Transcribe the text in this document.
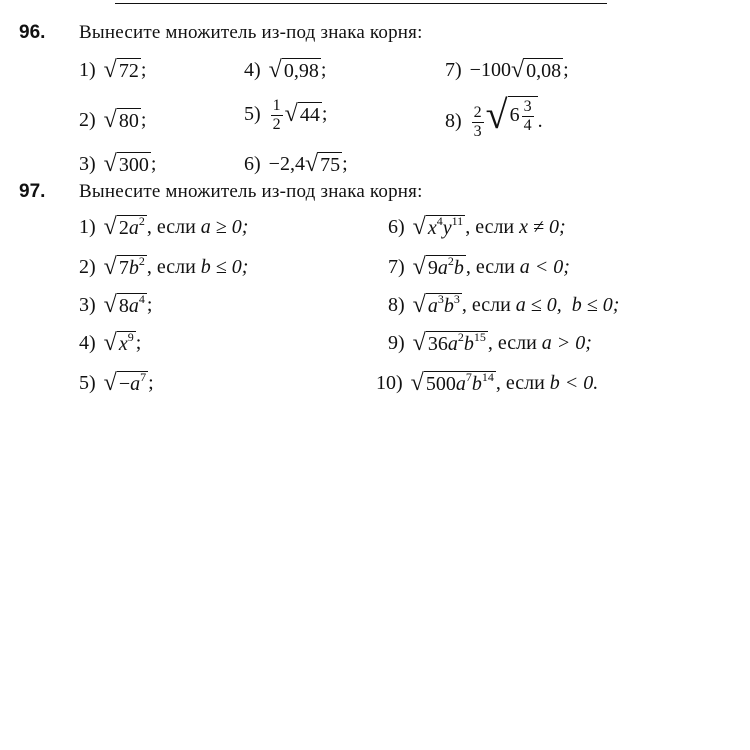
96. Вынесите множитель из-под знака корня:
1) √ 72 ;
2) √ 80 ;
3) √ 300 ;
4) √ 0,98 ;
$5) \frac{1}{2}$ √ 44 ;
6) −2,4 √ 75 ;
7) −100 √ 0,08 ;
$8) \frac{2}{3}$ √ $6 \frac{3}{4}$ .
97. Вынесите множитель из-под знака корня:
1) √ $2a^2$ , если a ≥ 0;
2) √ $7b^2$ , если b ≤ 0;
3) √ $8a^4$ ;
4) √ $x^9$ ;
5) √ $-a^7$ ;
6) √ $x^4y^{11}$ , если x ≠ 0;
7) √ $9a^2b$ , если a < 0;
8) √ $a^3b^3$ , если a ≤ 0,  b ≤ 0;
9) √ $36a^2b^{15}$ , если a > 0;
10) √ $500a^7b^{14}$ , если b < 0.
